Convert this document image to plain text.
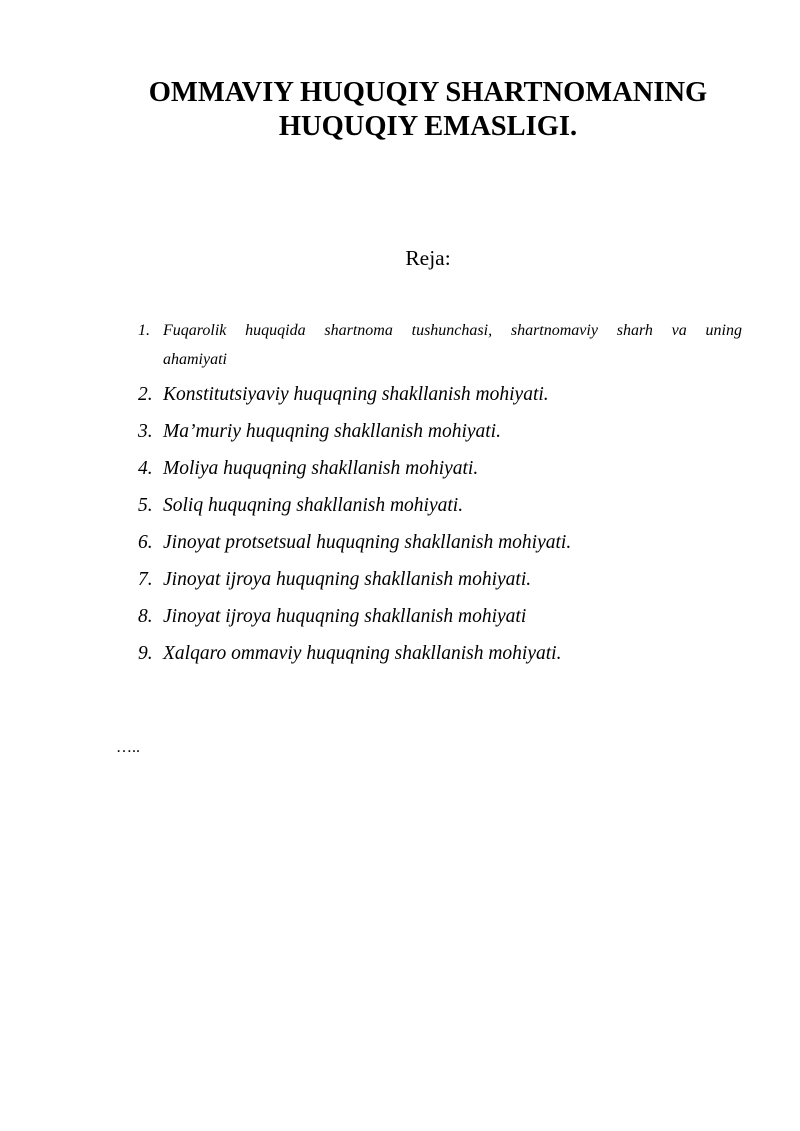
OMMAVIY HUQUQIY SHARTNOMANING
HUQUQIY EMASLIGI.

Reja:

1. Fuqarolik huquqida shartnoma tushunchasi, shartnomaviy sharh va uning
ahamiyati
2. Konstitutsiyaviy huquqning shakllanish mohiyati.
3. Ma’muriy huquqning shakllanish mohiyati.
4. Moliya huquqning shakllanish mohiyati.
5. Soliq huquqning shakllanish mohiyati.
6. Jinoyat protsetsual huquqning shakllanish mohiyati.
7. Jinoyat ijroya huquqning shakllanish mohiyati.
8. Jinoyat ijroya huquqning shakllanish mohiyati
9. Xalqaro ommaviy huquqning shakllanish mohiyati.
…..
